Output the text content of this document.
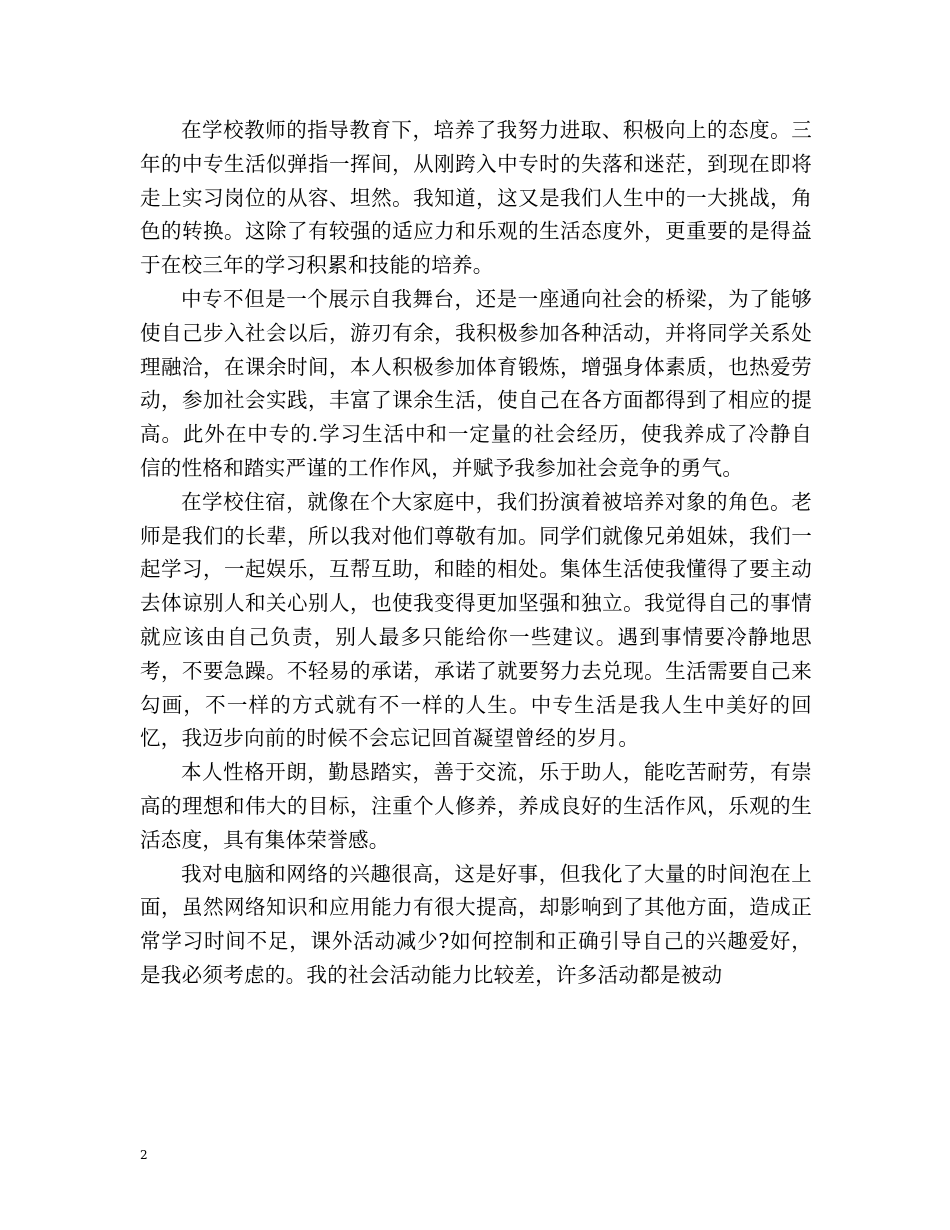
在学校教师的指导教育下，培养了我努力进取、积极向上的态度。三年的中专生活似弹指一挥间，从刚跨入中专时的失落和迷茫，到现在即将走上实习岗位的从容、坦然。我知道，这又是我们人生中的一大挑战，角色的转换。这除了有较强的适应力和乐观的生活态度外，更重要的是得益于在校三年的学习积累和技能的培养。

中专不但是一个展示自我舞台，还是一座通向社会的桥梁，为了能够使自己步入社会以后，游刃有余，我积极参加各种活动，并将同学关系处理融洽，在课余时间，本人积极参加体育锻炼，增强身体素质，也热爱劳动，参加社会实践，丰富了课余生活，使自己在各方面都得到了相应的提高。此外在中专的.学习生活中和一定量的社会经历，使我养成了冷静自信的性格和踏实严谨的工作作风，并赋予我参加社会竞争的勇气。

在学校住宿，就像在个大家庭中，我们扮演着被培养对象的角色。老师是我们的长辈，所以我对他们尊敬有加。同学们就像兄弟姐妹，我们一起学习，一起娱乐，互帮互助，和睦的相处。集体生活使我懂得了要主动去体谅别人和关心别人，也使我变得更加坚强和独立。我觉得自己的事情就应该由自己负责，别人最多只能给你一些建议。遇到事情要冷静地思考，不要急躁。不轻易的承诺，承诺了就要努力去兑现。生活需要自己来勾画，不一样的方式就有不一样的人生。中专生活是我人生中美好的回忆，我迈步向前的时候不会忘记回首凝望曾经的岁月。

本人性格开朗，勤恳踏实，善于交流，乐于助人，能吃苦耐劳，有崇高的理想和伟大的目标，注重个人修养，养成良好的生活作风，乐观的生活态度，具有集体荣誉感。

我对电脑和网络的兴趣很高，这是好事，但我化了大量的时间泡在上面，虽然网络知识和应用能力有很大提高，却影响到了其他方面，造成正常学习时间不足，课外活动减少?如何控制和正确引导自己的兴趣爱好，是我必须考虑的。我的社会活动能力比较差，许多活动都是被动

2
